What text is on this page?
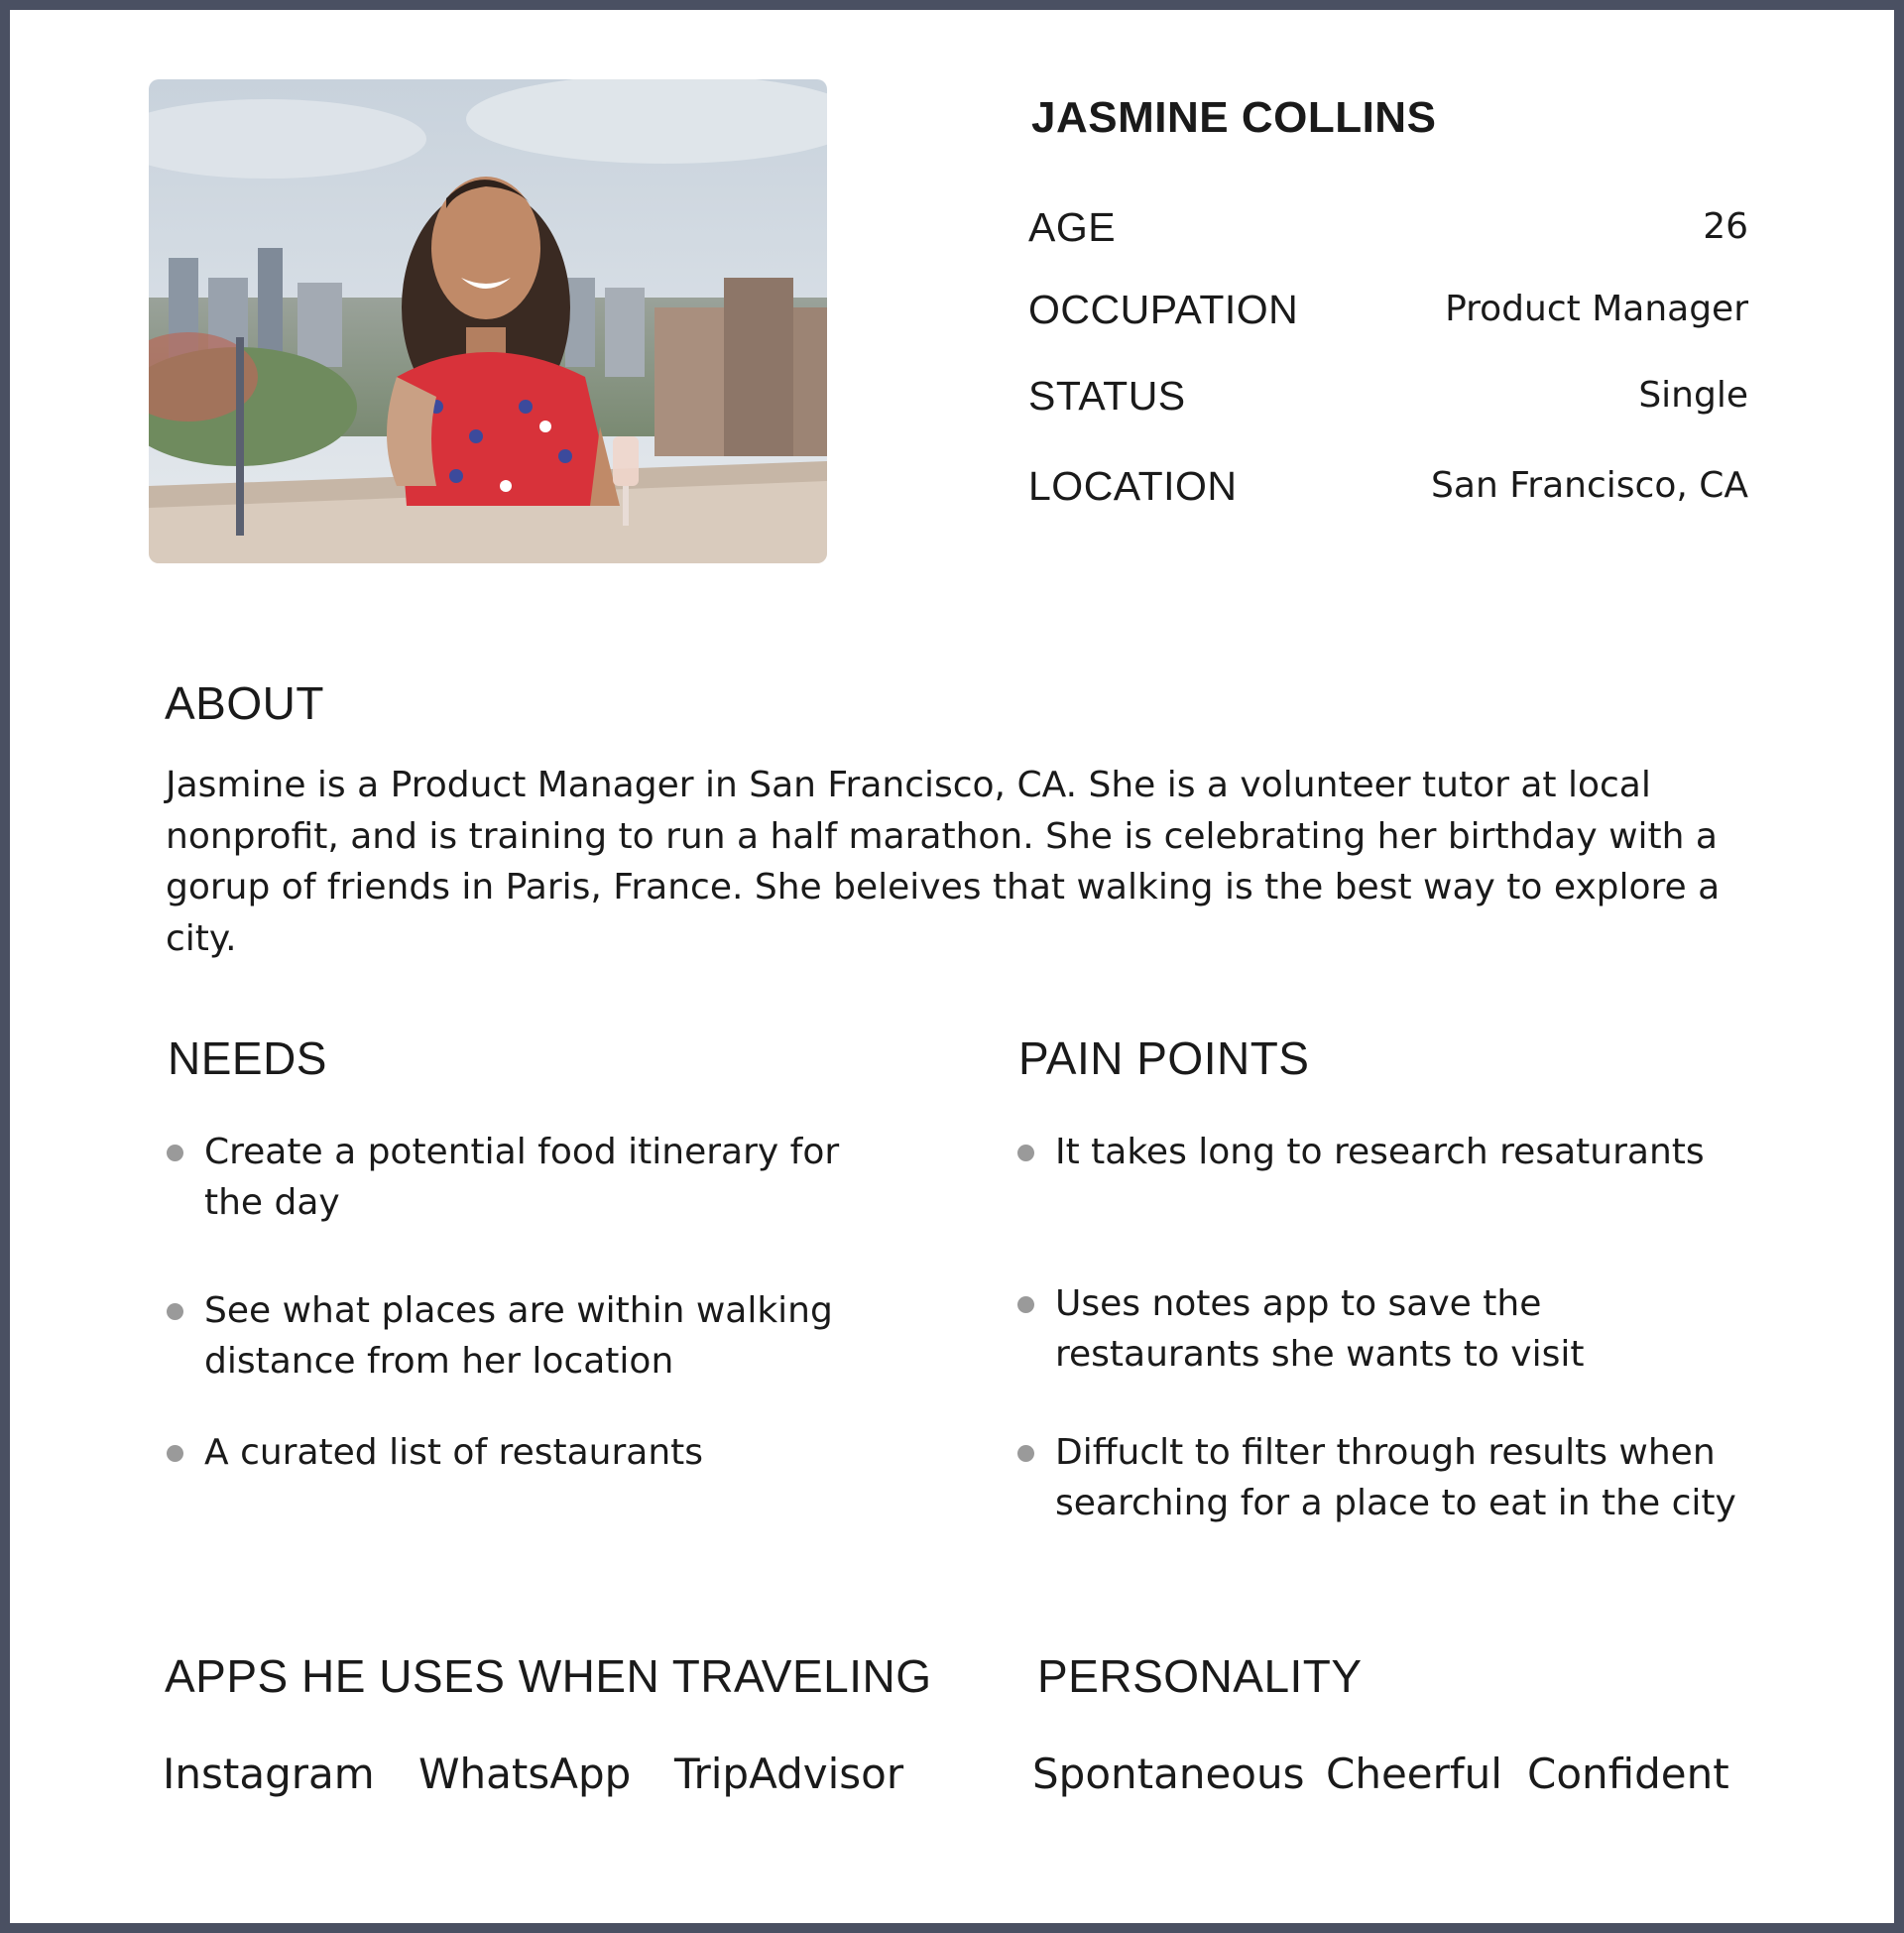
JASMINE COLLINS
AGE	26
OCCUPATION	Product Manager
STATUS	Single
LOCATION	San Francisco, CA
ABOUT

Jasmine is a Product Manager in San Francisco, CA. She is a volunteer tutor at local nonprofit, and is training to run a half marathon. She is celebrating her birthday with a gorup of friends in Paris, France. She beleives that walking is the best way to explore a city.

NEEDS
Create a potential food itinerary for the day
See what places are within walking distance from her location
A curated list of restaurants
PAIN POINTS
It takes long to research resaturants
Uses notes app to save the restaurants she wants to visit
Diffuclt to filter through results when searching for a place to eat in the city
APPS HE USES WHEN TRAVELING
Instagram WhatsApp TripAdvisor
PERSONALITY
Spontaneous Cheerful Confident
